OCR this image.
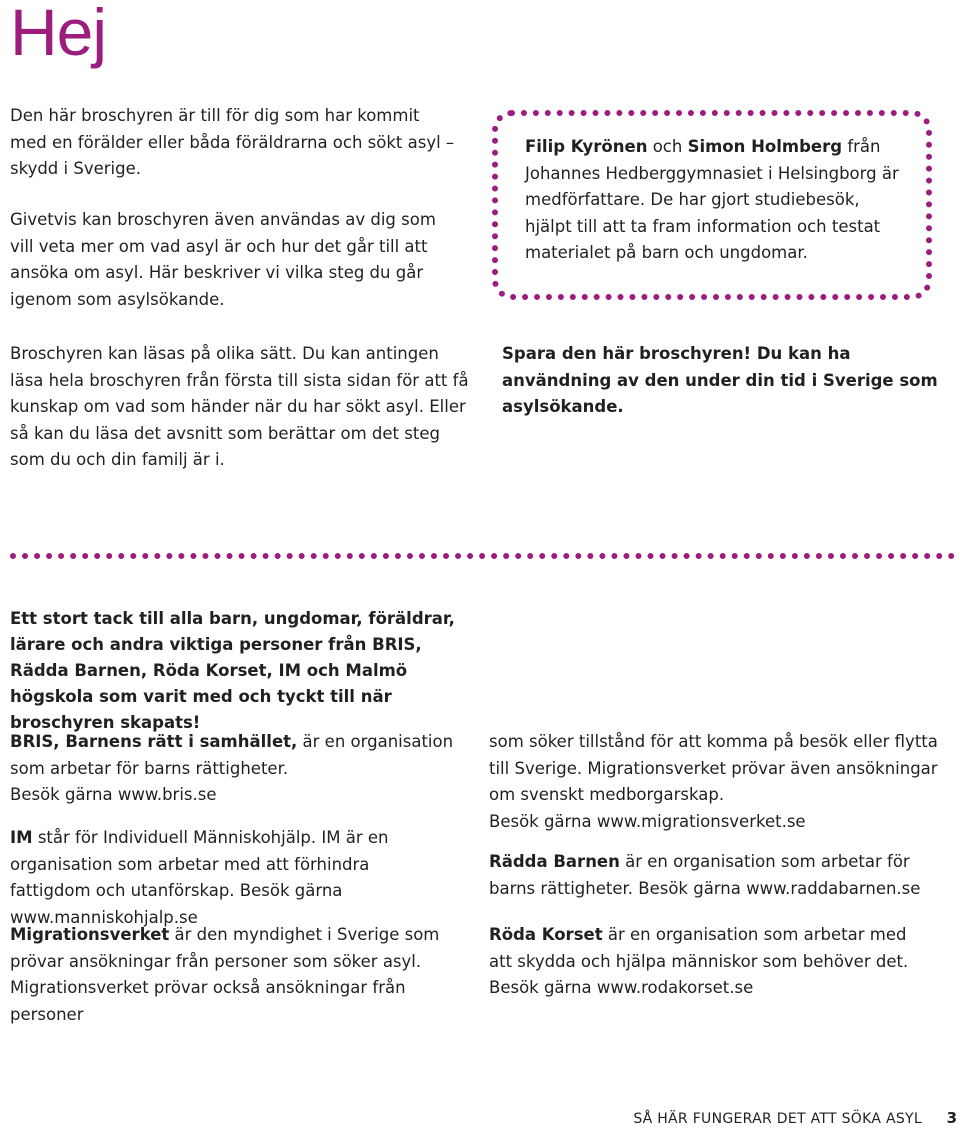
Hej
Den här broschyren är till för dig som har kommit med en förälder eller båda föräldrarna och sökt asyl – skydd i Sverige.
Givetvis kan broschyren även användas av dig som vill veta mer om vad asyl är och hur det går till att ansöka om asyl. Här beskriver vi vilka steg du går igenom som asylsökande.
Broschyren kan läsas på olika sätt. Du kan antingen läsa hela broschyren från första till sista sidan för att få kunskap om vad som händer när du har sökt asyl. Eller så kan du läsa det avsnitt som berättar om det steg som du och din familj är i.
Filip Kyrönen och Simon Holmberg från Johannes Hedberggymnasiet i Helsingborg är medförfattare. De har gjort studiebesök, hjälpt till att ta fram information och testat materialet på barn och ungdomar.
Spara den här broschyren! Du kan ha användning av den under din tid i Sverige som asylsökande.
Ett stort tack till alla barn, ungdomar, föräldrar, lärare och andra viktiga personer från BRIS, Rädda Barnen, Röda Korset, IM och Malmö högskola som varit med och tyckt till när broschyren skapats!
BRIS, Barnens rätt i samhället, är en organisation som arbetar för barns rättigheter.
Besök gärna www.bris.se
IM står för Individuell Människohjälp. IM är en organisation som arbetar med att förhindra fattigdom och utanförskap. Besök gärna www.manniskohjalp.se
Migrationsverket är den myndighet i Sverige som prövar ansökningar från personer som söker asyl. Migrationsverket prövar också ansökningar från personer
som söker tillstånd för att komma på besök eller flytta till Sverige. Migrationsverket prövar även ansökningar om svenskt medborgarskap.
Besök gärna www.migrationsverket.se
Rädda Barnen är en organisation som arbetar för barns rättigheter. Besök gärna www.raddabarnen.se
Röda Korset är en organisation som arbetar med att skydda och hjälpa människor som behöver det.
Besök gärna www.rodakorset.se
SÅ HÄR FUNGERAR DET ATT SÖKA ASYL 3
